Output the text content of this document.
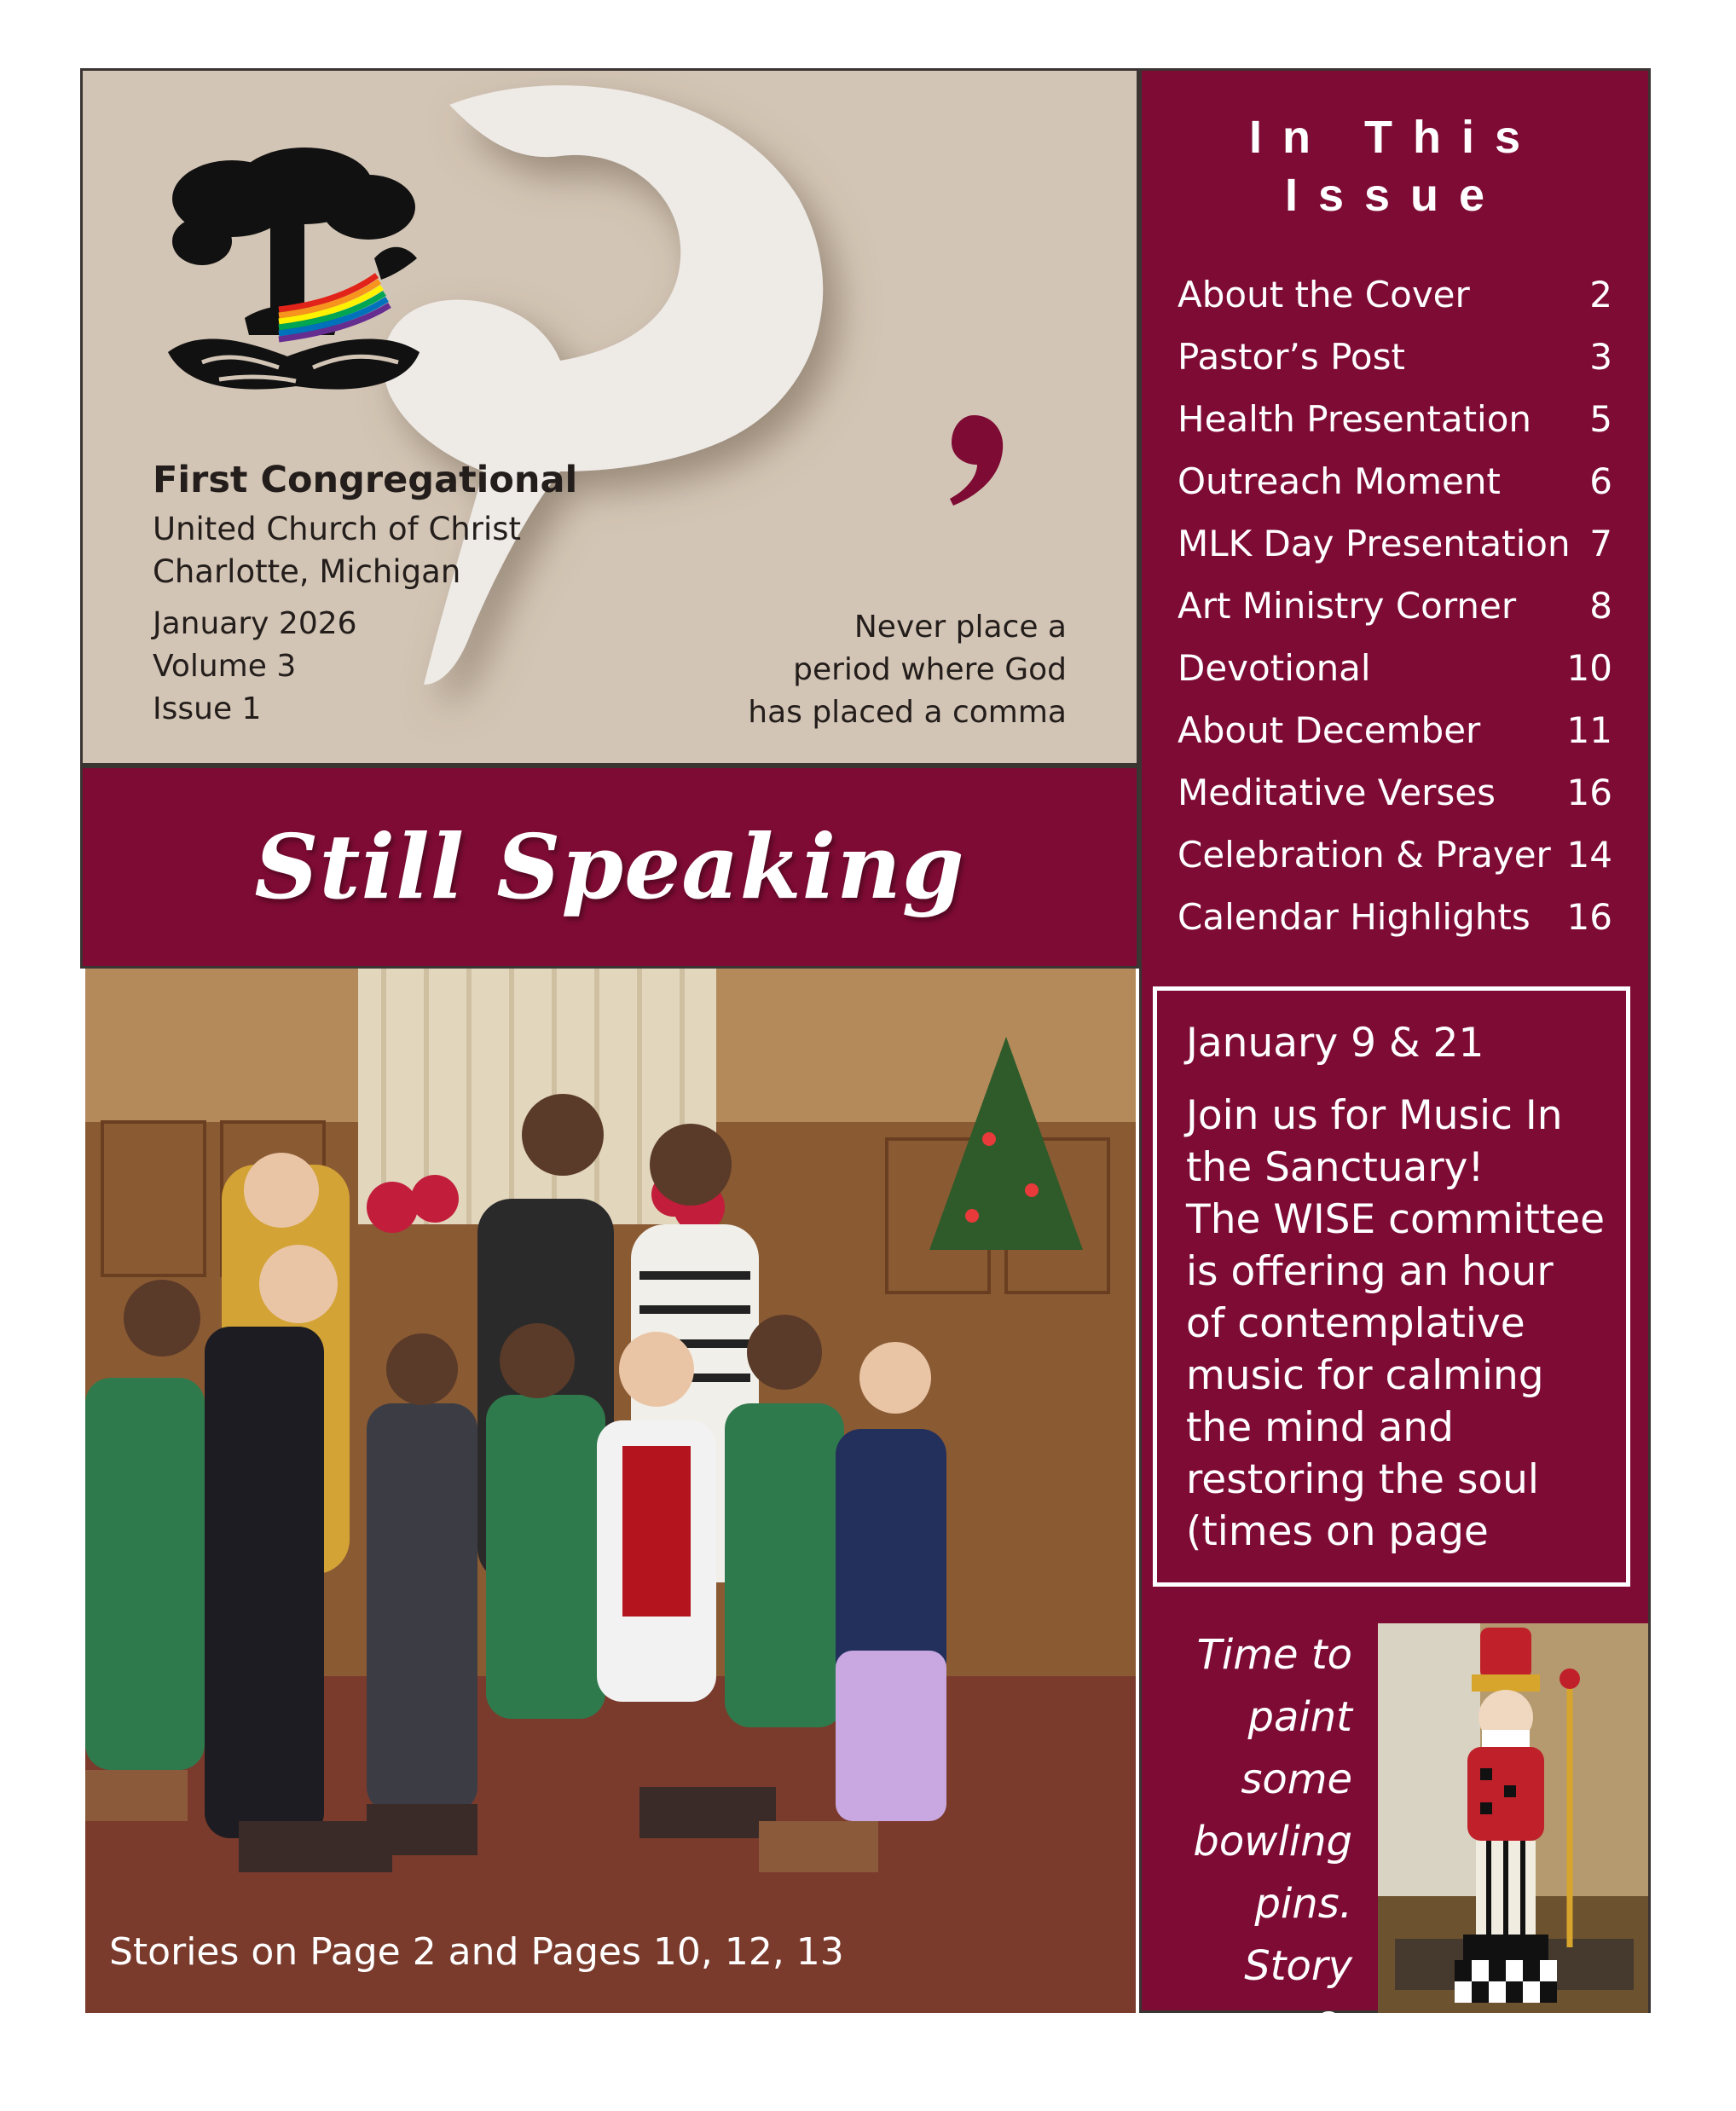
First Congregational
United Church of Christ
Charlotte, Michigan
January 2026
Volume 3
Issue 1
Never place a
period where God
has placed a comma
Still Speaking
Stories on Page 2 and Pages 10, 12, 13
In This
Issue
About the Cover	2
Pastor’s Post	3
Health Presentation 5
Outreach Moment 6
MLK Day Presentation 7
Art Ministry Corner 8
Devotional	10
About December 11
Meditative Verses 16
Celebration & Prayer 14
Calendar Highlights 16
January 9 & 21
Join us for Music In
the Sanctuary!
The WISE committee
is offering an hour
of contemplative
music for calming
the mind and
restoring the soul
(times on page
Time to
paint
some
bowling
pins. Story
page 8.
